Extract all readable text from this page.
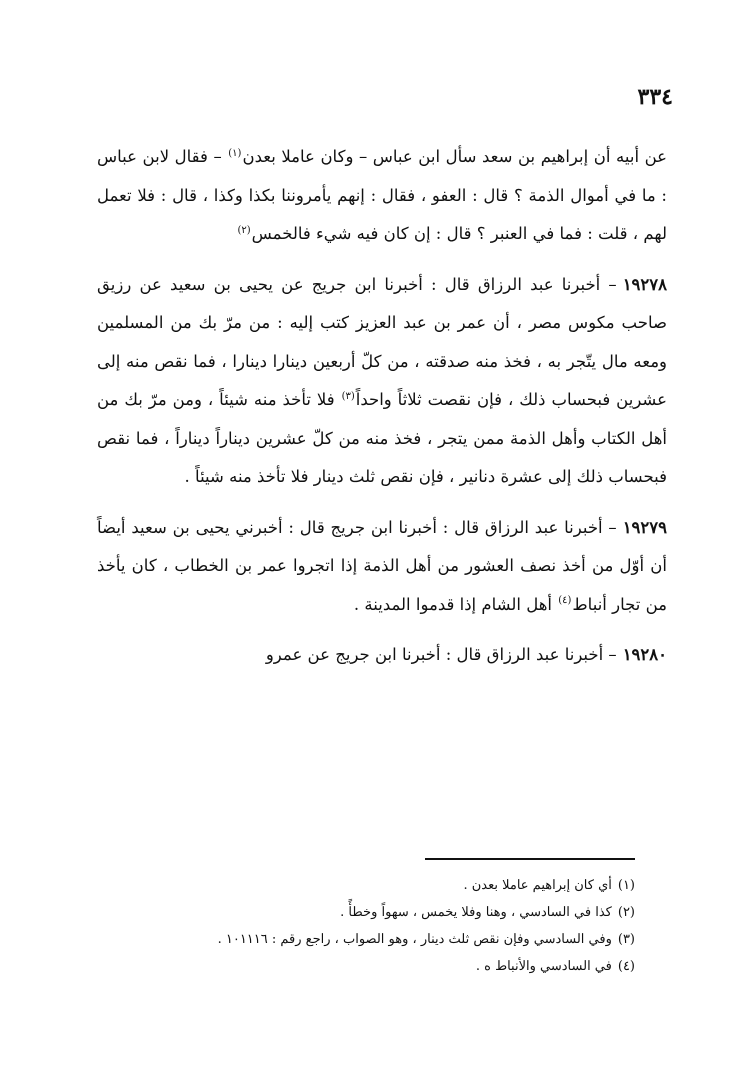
٣٣٤

عن أبيه أن إبراهيم بن سعد سأل ابن عباس – وكان عاملا بعدن$^{(١)}$ – فقال لابن عباس : ما في أموال الذمة ؟ قال : العفو ، فقال : إنهم يأمروننا بكذا وكذا ، قال : فلا تعمل لهم ، قلت : فما في العنبر ؟ قال : إن كان فيه شيء فالخمس$^{(٢)}$

١٩٢٧٨– أخبرنا عبد الرزاق قال : أخبرنا ابن جريج عن يحيى بن سعيد عن رزيق صاحب مكوس مصر ، أن عمر بن عبد العزيز كتب إليه : من مرّ بك من المسلمين ومعه مال يتّجر به ، فخذ منه صدقته ، من كلّ أربعين دينارا دينارا ، فما نقص منه إلى عشرين فبحساب ذلك ، فإن نقصت ثلاثاً واحداً$^{(٣)}$ فلا تأخذ منه شيئاً ، ومن مرّ بك من أهل الكتاب وأهل الذمة ممن يتجر ، فخذ منه من كلّ عشرين ديناراً ديناراً ، فما نقص فبحساب ذلك إلى عشرة دنانير ، فإن نقص ثلث دينار فلا تأخذ منه شيئاً .

١٩٢٧٩– أخبرنا عبد الرزاق قال : أخبرنا ابن جريج قال : أخبرني يحيى بن سعيد أيضاً أن أوّل من أخذ نصف العشور من أهل الذمة إذا اتجروا عمر بن الخطاب ، كان يأخذ من تجار أنباط$^{(٤)}$ أهل الشام إذا قدموا المدينة .

١٩٢٨٠– أخبرنا عبد الرزاق قال : أخبرنا ابن جريج عن عمرو

(١)أي كان إبراهيم عاملا بعدن .

(٢)كذا في السادسي ، وهنا وفلا يخمس ، سهواً وخطأً .

(٣)وفي السادسي وفإن نقص ثلث دينار ، وهو الصواب ، راجع رقم : ١٠١١١٦ .

(٤)في السادسي والأنباط ه .
